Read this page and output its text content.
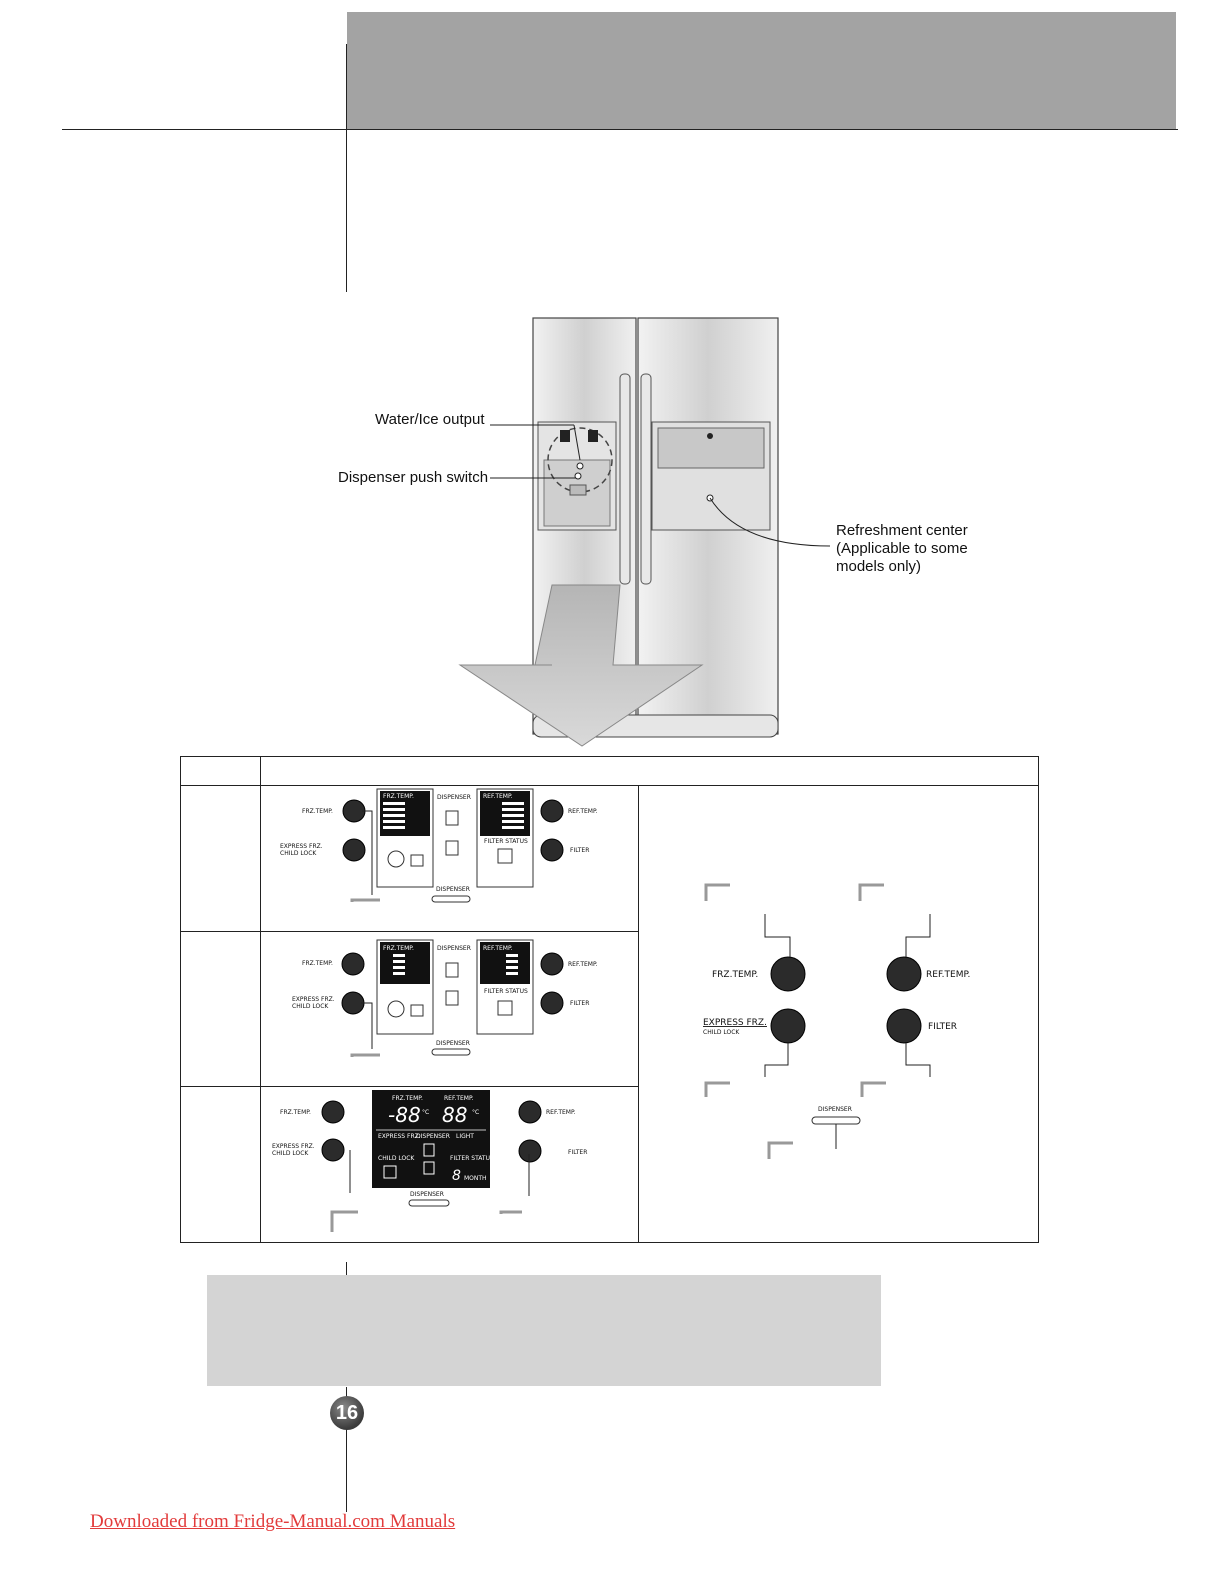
Water/Ice output
Dispenser push switch
Refreshment center
(Applicable to some
models only)
FRZ.TEMP.
EXPRESS FRZ.
CHILD LOCK
FRZ.TEMP.	DISPENSER REF.TEMP.
FILTER STATUS
REF.TEMP.
FILTER
DISPENSER
FRZ.TEMP.
EXPRESS FRZ.
CHILD LOCK
FRZ.TEMP.	DISPENSER REF.TEMP.
FILTER STATUS
REF.TEMP.
FILTER
DISPENSER
FRZ.TEMP.
EXPRESS FRZ.
CHILD LOCK
FRZ.TEMP.	REF.TEMP.
-88 88
°C	°C
EXPRESS FRZ.
DISPENSER LIGHT
CHILD LOCK	FILTER STATUS
8 MONTH
DISPENSER
REF.TEMP.
FILTER
FRZ.TEMP.	REF.TEMP.
EXPRESS FRZ.
CHILD LOCK
FILTER
DISPENSER
16
Downloaded from Fridge-Manual.com Manuals
